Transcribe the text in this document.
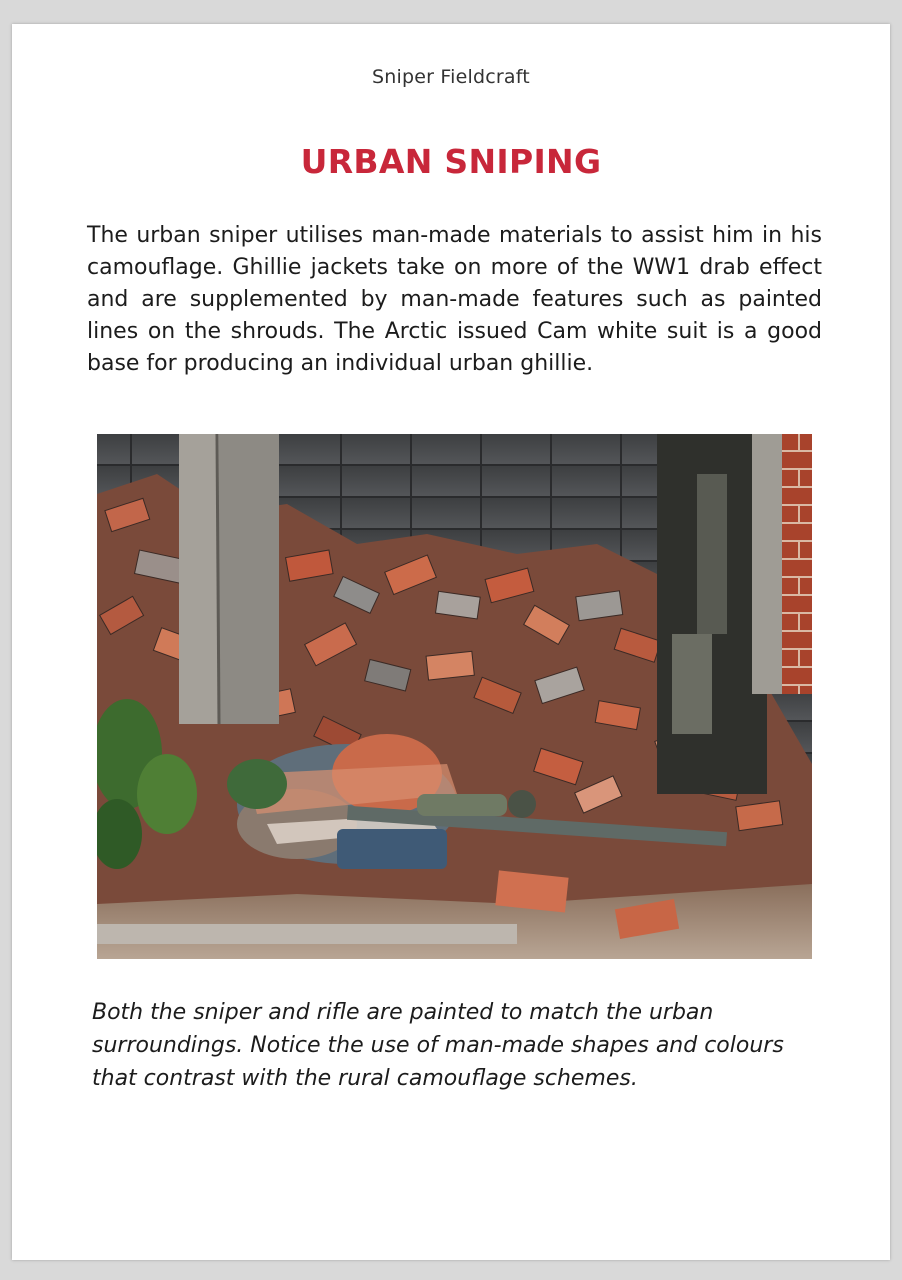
Sniper Fieldcraft
URBAN SNIPING

The urban sniper utilises man-made materials to assist him in his camouflage. Ghillie jackets take on more of the WW1 drab effect and are supplemented by man-made features such as painted lines on the shrouds. The Arctic issued Cam white suit is a good base for producing an individual urban ghillie.

Both the sniper and rifle are painted to match the urban surroundings. Notice the use of man-made shapes and colours that contrast with the rural camouflage schemes.
